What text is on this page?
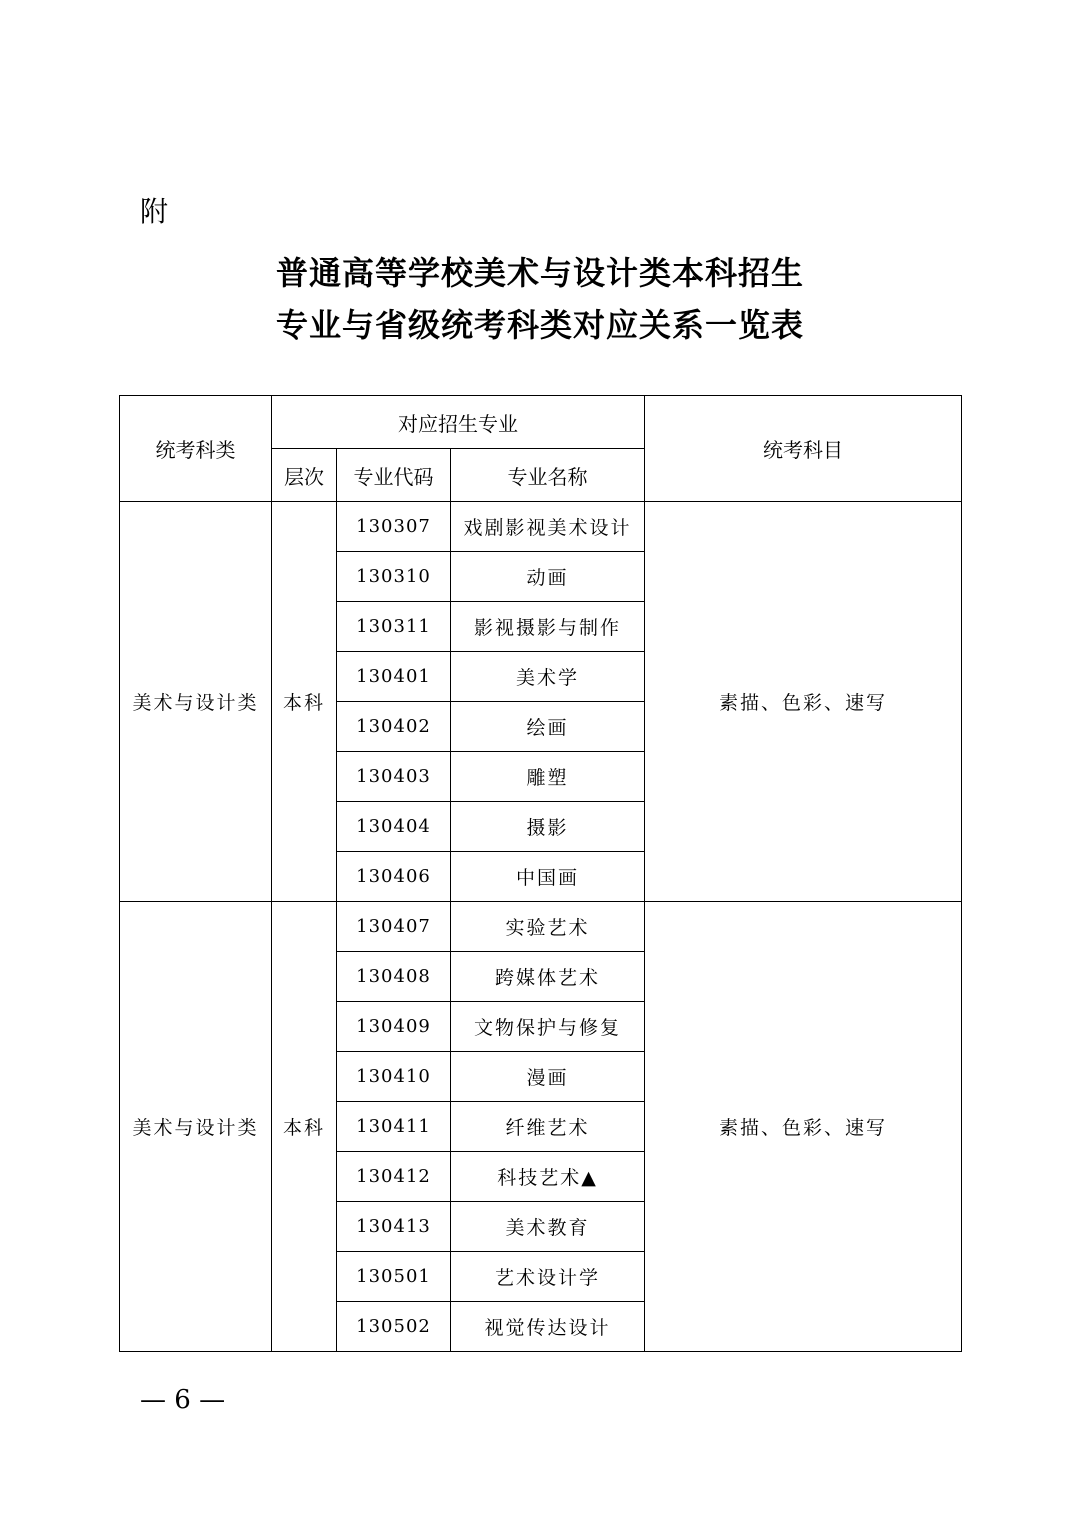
附
普通高等学校美术与设计类本科招生
专业与省级统考科类对应关系一览表
统考科类	对应招生专业			统考科目
	层次	专业代码	专业名称	
美术与设计类	本科	130307	戏剧影视美术设计	素描、色彩、速写
		130310	动画	
		130311	影视摄影与制作	
		130401	美术学	
		130402	绘画	
		130403	雕塑	
		130404	摄影	
		130406	中国画	
美术与设计类	本科	130407	实验艺术	素描、色彩、速写
		130408	跨媒体艺术	
		130409	文物保护与修复	
		130410	漫画	
		130411	纤维艺术	
		130412	科技艺术▲	
		130413	美术教育	
		130501	艺术设计学	
		130502	视觉传达设计	
— 6 —
